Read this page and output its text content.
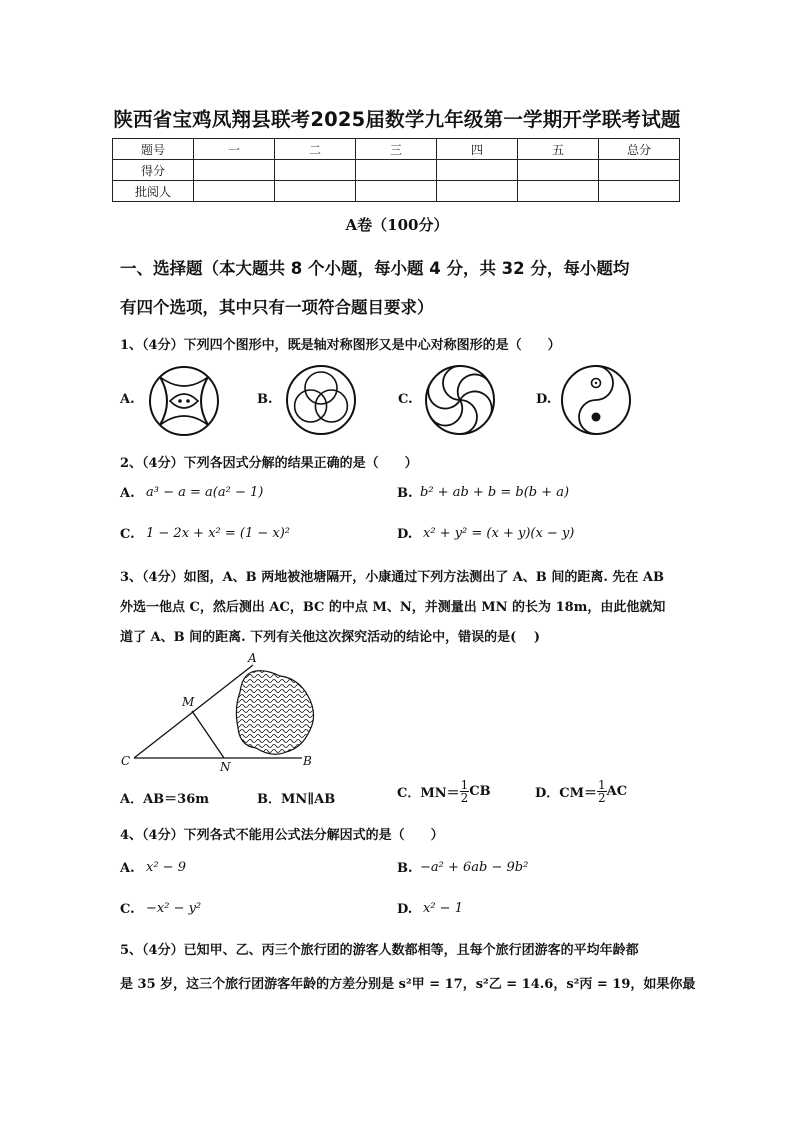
陕西省宝鸡凤翔县联考2025届数学九年级第一学期开学联考试题
题号	一	二	三	四	五	总分
得分						
批阅人						
A卷（100分）
一、选择题（本大题共 8 个小题，每小题 4 分，共 32 分，每小题均
有四个选项，其中只有一项符合题目要求）
1、（4分）下列四个图形中，既是轴对称图形又是中心对称图形的是（　　）
A.	B.	C.	D.
2、（4分）下列各因式分解的结果正确的是（　　）
A. a³ − a = a(a² − 1)	B. b² + ab + b = b(b + a)
C. 1 − 2x + x² = (1 − x)²	D. x² + y² = (x + y)(x − y)
3、（4分）如图，A、B 两地被池塘隔开，小康通过下列方法测出了 A、B 间的距离. 先在 AB
外选一他点 C，然后测出 AC，BC 的中点 M、N，并测量出 MN 的长为 18m，由此他就知
道了 A、B 间的距离. 下列有关他这次探究活动的结论中，错误的是(　 )
A
M
C	N	B
A．AB＝36m	B．MN∥AB	C．$MN= \frac{1}{2}$ CB	D．$CM= \frac{1}{2}$ AC
4、（4分）下列各式不能用公式法分解因式的是（　　）
A. x² − 9	B. −a² + 6ab − 9b²
C. −x² − y²	D. x² − 1
5、（4分）已知甲、乙、丙三个旅行团的游客人数都相等，且每个旅行团游客的平均年龄都
是 35 岁，这三个旅行团游客年龄的方差分别是 s²甲 = 17，s²乙 = 14.6，s²丙 = 19，如果你最
